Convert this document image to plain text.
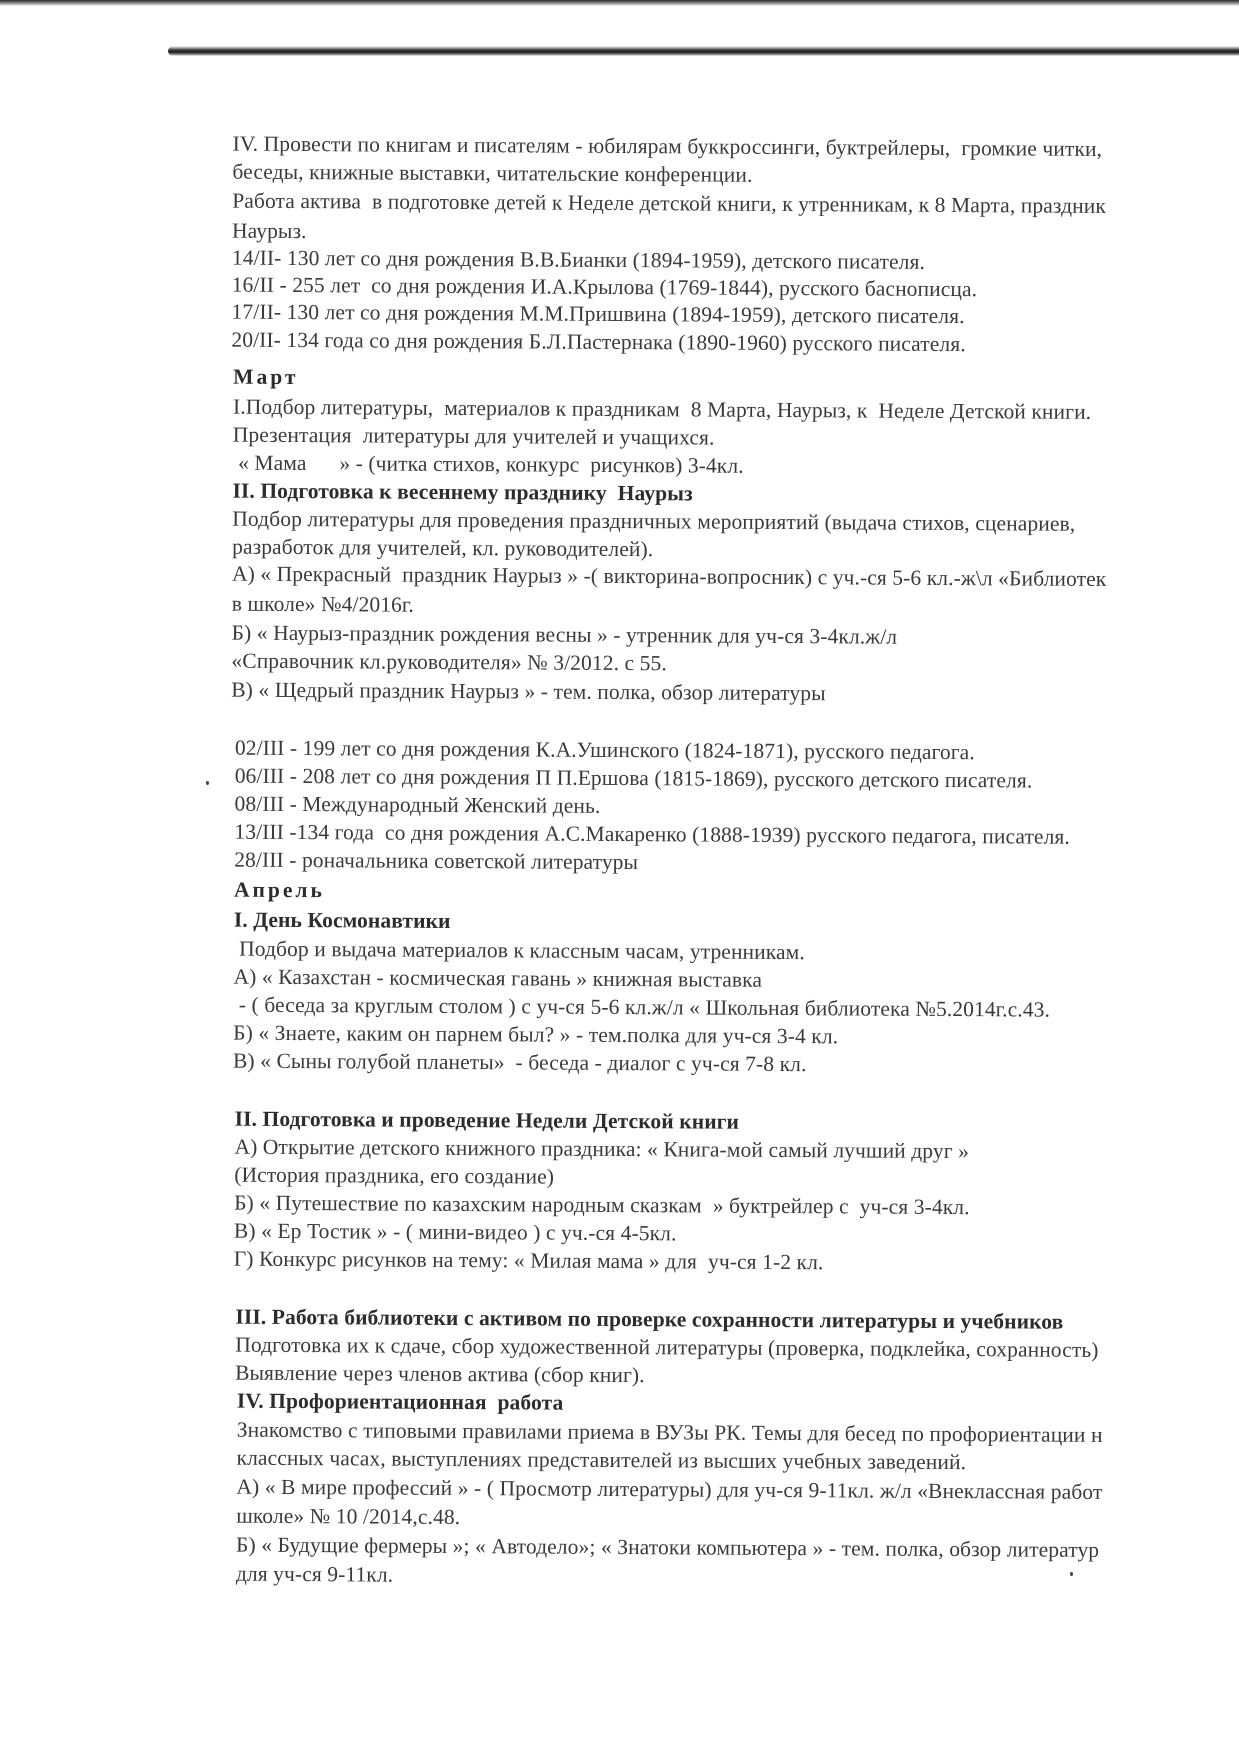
IV. Провести по книгам и писателям - юбилярам буккроссинги, буктрейлеры,  громкие читки,
беседы, книжные выставки, читательские конференции.
Работа актива  в подготовке детей к Неделе детской книги, к утренникам, к 8 Марта, праздник
Наурыз.
14/II- 130 лет со дня рождения В.В.Бианки (1894-1959), детского писателя.
16/II - 255 лет  со дня рождения И.А.Крылова (1769-1844), русского баснописца.
17/II- 130 лет со дня рождения М.М.Пришвина (1894-1959), детского писателя.
20/II- 134 года со дня рождения Б.Л.Пастернака (1890-1960) русского писателя.
Март
I.Подбор литературы,  материалов к праздникам  8 Марта, Наурыз, к  Неделе Детской книги.
Презентация  литературы для учителей и учащихся.
« Мама      » - (читка стихов, конкурс  рисунков) 3-4кл.
II. Подготовка к весеннему празднику  Наурыз
Подбор литературы для проведения праздничных мероприятий (выдача стихов, сценариев,
разработок для учителей, кл. руководителей).
А) « Прекрасный  праздник Наурыз » -( викторина-вопросник) с уч.-ся 5-6 кл.-ж\л «Библиотек
в школе» №4/2016г.
Б) « Наурыз-праздник рождения весны » - утренник для уч-ся 3-4кл.ж/л
«Справочник кл.руководителя» № 3/2012. с 55.
В) « Щедрый праздник Наурыз » - тем. полка, обзор литературы
02/III - 199 лет со дня рождения К.А.Ушинского (1824-1871), русского педагога.
06/III - 208 лет со дня рождения П П.Ершова (1815-1869), русского детского писателя.
08/III - Международный Женский день.
13/III -134 года  со дня рождения А.С.Макаренко (1888-1939) русского педагога, писателя.
28/III - роначальника советской литературы
Апрель
I. День Космонавтики
Подбор и выдача материалов к классным часам, утренникам.
А) « Казахстан - космическая гавань » книжная выставка
- ( беседа за круглым столом ) с уч-ся 5-6 кл.ж/л « Школьная библиотека №5.2014г.с.43.
Б) « Знаете, каким он парнем был? » - тем.полка для уч-ся 3-4 кл.
В) « Сыны голубой планеты»  - беседа - диалог с уч-ся 7-8 кл.
II. Подготовка и проведение Недели Детской книги
А) Открытие детского книжного праздника: « Книга-мой самый лучший друг »
(История праздника, его создание)
Б) « Путешествие по казахским народным сказкам  » буктрейлер с  уч-ся 3-4кл.
В) « Ер Тостик » - ( мини-видео ) с уч.-ся 4-5кл.
Г) Конкурс рисунков на тему: « Милая мама » для  уч-ся 1-2 кл.
III. Работа библиотеки с активом по проверке сохранности литературы и учебников
Подготовка их к сдаче, сбор художественной литературы (проверка, подклейка, сохранность)
Выявление через членов актива (сбор книг).
IV. Профориентационная  работа
Знакомство с типовыми правилами приема в ВУЗы РК. Темы для бесед по профориентации н
классных часах, выступлениях представителей из высших учебных заведений.
А) « В мире профессий » - ( Просмотр литературы) для уч-ся 9-11кл. ж/л «Внеклассная работ
школе» № 10 /2014,с.48.
Б) « Будущие фермеры »; « Автодело»; « Знатоки компьютера » - тем. полка, обзор литератур
для уч-ся 9-11кл.
